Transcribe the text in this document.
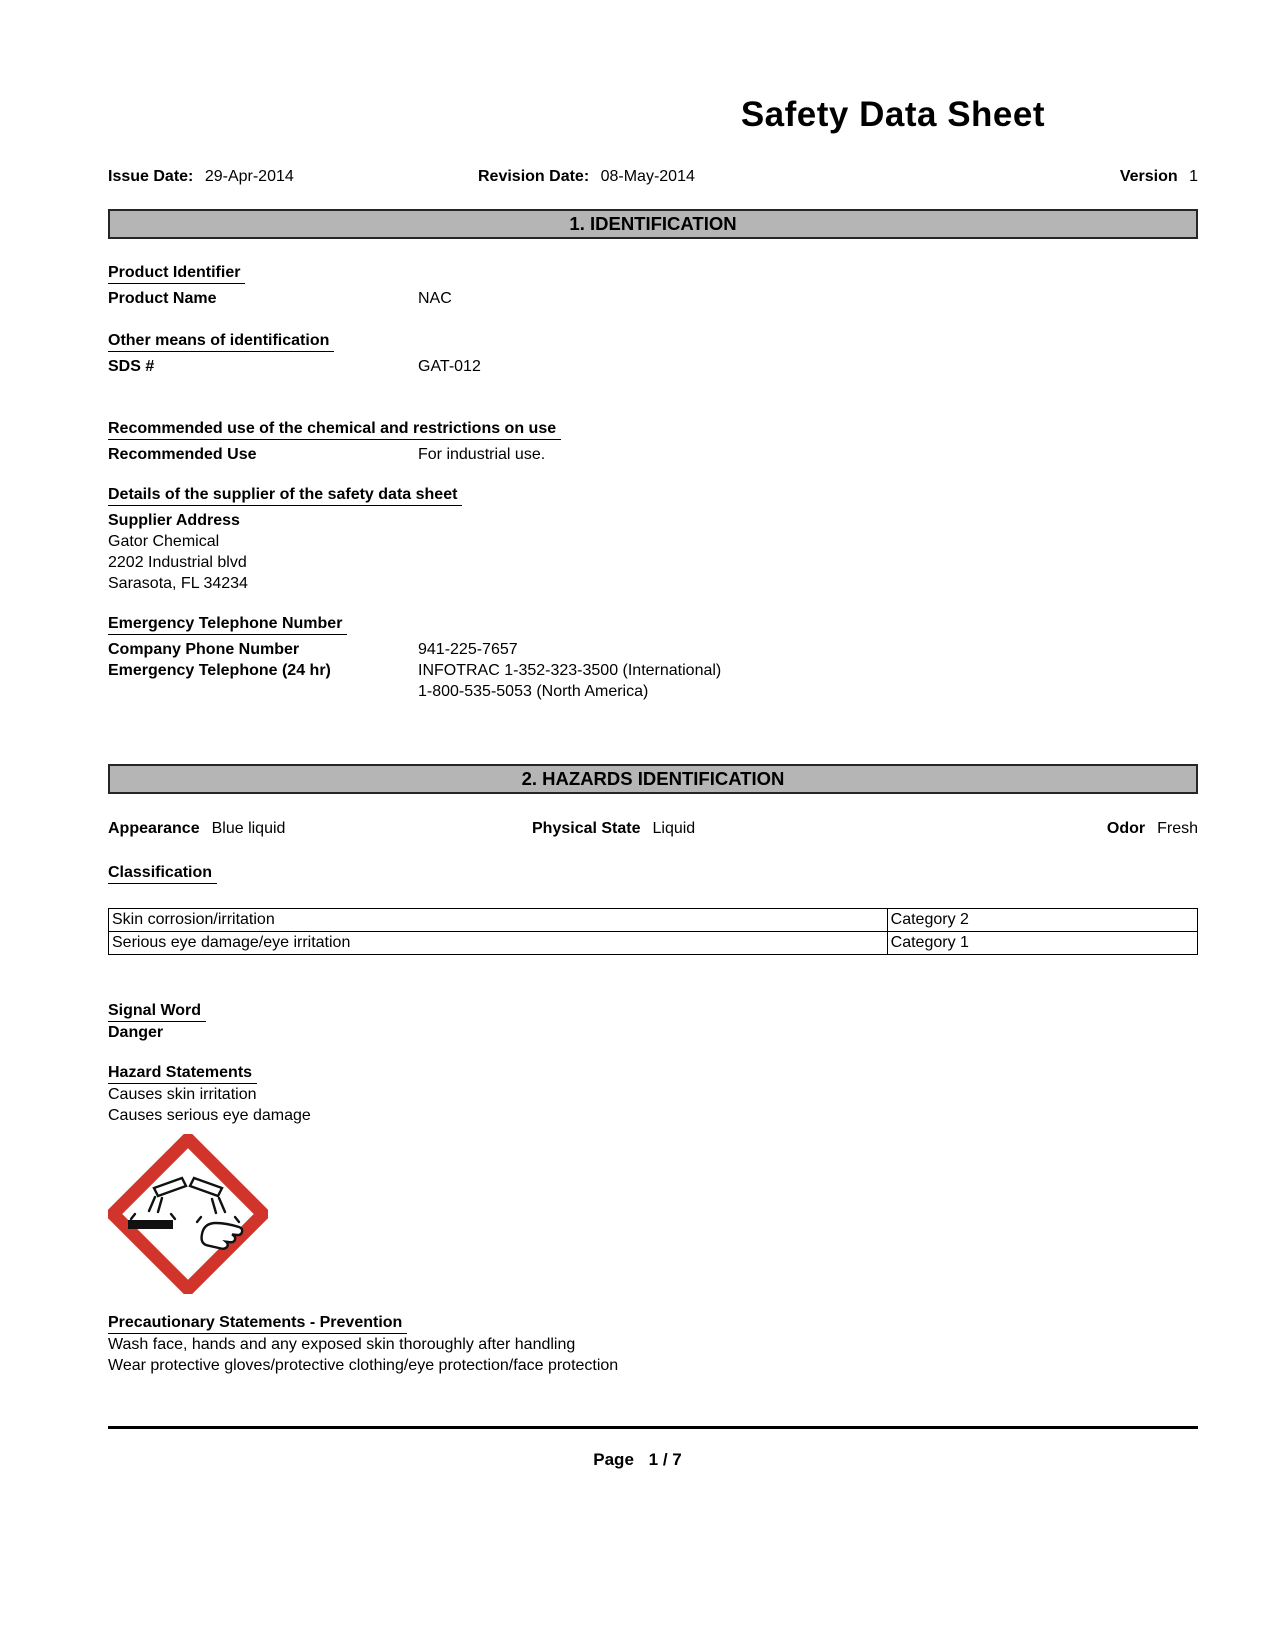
Safety Data Sheet
Issue Date: 29-Apr-2014	Revision Date: 08-May-2014	Version 1
1. IDENTIFICATION
Product Identifier
Product Name	NAC
Other means of identification
SDS #	GAT-012
Recommended use of the chemical and restrictions on use
Recommended Use	For industrial use.
Details of the supplier of the safety data sheet
Supplier Address
Gator Chemical
2202 Industrial blvd
Sarasota, FL 34234
Emergency Telephone Number
Company Phone Number	941-225-7657
Emergency Telephone (24 hr)	INFOTRAC 1-352-323-3500 (International)
1-800-535-5053 (North America)
2. HAZARDS IDENTIFICATION
Appearance Blue liquid	Physical State Liquid	Odor Fresh
Classification
Skin corrosion/irritation	Category 2
Serious eye damage/eye irritation	Category 1
Signal Word
Danger
Hazard Statements
Causes skin irritation
Causes serious eye damage
Precautionary Statements - Prevention
Wash face, hands and any exposed skin thoroughly after handling
Wear protective gloves/protective clothing/eye protection/face protection
Page 1 / 7
